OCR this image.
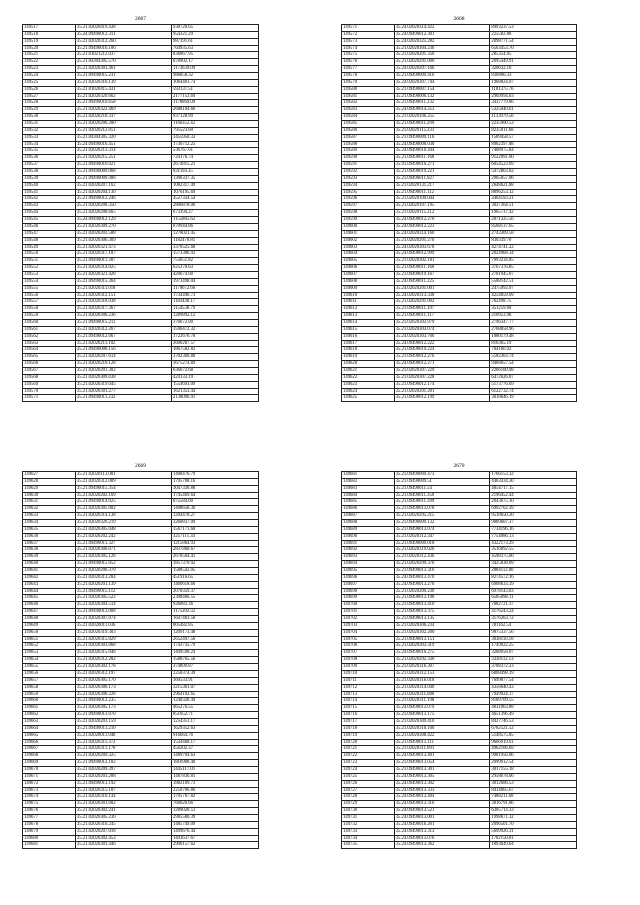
2667
149517	35.21.02020419.438	938720.65
149518	35.24.09490012.311	954321.29
149519	35.21.02020312.260	987391.61
149520	35.21.09490016.106	764935.63
149521	35.21.01021212.037	836867.95
149522	35.21.04304305.570	878902.17
149523	35.21.02020303.461	1173639.09
149524	35.21.09490015.231	986858.32
149525	35.21.02020316.139	1064401.74
149526	35.21.01020415.431	593137.51
149527	35.21.02020320.662	2177153.69
149528	35.21.09490010.658	1178869.09
149529	35.21.02020322.469	2688104.66
149530	35.21.02020210.337	937128.99
149531	35.21.02020206.280	1166352.42
149532	35.21.02020212.051	795523.60
149533	35.21.04304305.320	1455950.33
149534	35.24.09490016.451	1736712.25
149535	35.21.02020213.314	536767.61
149536	35.21.02020215.251	724176.74
149537	35.21.09490010.021	2674815.21
149538	35.21.09490009.068	831194.35
149539	35.21.09490009.488	1396337.35
149540	35.21.02020207.162	1082317.49
149541	35.21.02020204.130	1076195.69
149542	35.21.09490012.246	4527334.54
149543	35.21.02020208.350	2800878.06
149544	35.21.02020208.665	673394.27
149545	35.24.09490012.129	1155885.62
149546	35.21.02020309.270	870944.86
149547	35.21.02020203.588	1278021.45
149548	35.21.02020306.309	1182470.81
149549	35.21.02020321.473	3376525.68
149550	35.21.02020317.187	1573386.92
149551	35.21.09490011.387	753651.82
149552	35.21.02020314.025	625278.63
149553	35.21.02020321.428	420674.00
149554	35.21.09490015.364	1973498.04
149555	35.21.02020311.018	1179672.66
149556	35.21.02020312.151	1734496.73
149557	35.21.02020318.038	1183448.17
149558	35.21.02020317.367	1154538.79
149559	35.21.02020306.236	1289892.12
149560	35.21.09490015.211	376672.00
149561	35.21.02020312.267	1596472.32
149562	35.21.09490012.067	1722676.78
149563	35.21.02020211.102	2600287.57
149564	35.21.09490008.156	1867582.82
149565	35.21.02020207.614	3702366.88
149566	35.21.02020210.128	3675274.89
149567	35.21.02020201.302	636672.68
149568	35.21.02020309.038	424133.19
149569	35.21.02020319.045	1554693.09
149570	35.21.02020301.277	1621353.44
149571	35.21.09490011.232	2138096.91
2668
149571	35.24.02020314.422	8993237.53
149572	35.24.09490012.301	225582.88
149573	35.24.02020325.282	2098771.54
149574	35.21.02020304.236	6563453.70
149575	35.21.02020201.350	285354.05
149576	35.21.02020201.000	2095449.91
149577	35.24.02020207.166	320632.10
149578	35.21.09490009.416	836806.33
149579	35.24.02020307.744	1968824.07
149580	35.21.09490007.154	1181375.76
149581	35.21.09490006.132	2969994.03
149582	35.21.09490011.232	3437779.86
149583	35.24.09490014.253	5325040.61
149584	35.21.02020106.255	1133979.50
149585	35.21.09490011.299	2235900.53
149586	35.21.02020115.231	8235011.68
149587	35.21.09490009.116	1589458.57
149588	35.24.09490008.030	8962397.88
149589	35.24.09490010.444	7408975.84
149590	35.21.09490011.168	9122091.00
149591	35.91.09490016.271	6054523.09
149592	35.21.09490019.221	5472863.82
149593	35.21.09490011.027	2965057.06
149594	35.21.02020131.217	2648621.88
149595	35.21.09490011.112	8896253.12
149596	35.21.02020109.044	3464593.21
149597	35.21.02020107.195	3037364.51
149598	35.21.02020115.212	1965737.42
149599	35.24.09490012.270	2071325.56
149600	35.24.09490012.223	8568137.65
149601	35.24.02020314.160	2743309.58
149602	35.21.02020201.276	830339.70
149603	35.24.02020303.678	4274741.22
149604	35.24.09490012.999	2024968.34
149605	35.21.02020302.181	7993234.85
149606	35.21.09490011.160	3767376.85
149607	35.21.09490019.167	2701945.07
149608	35.24.09490011.225	5588142.51
149609	35.24.02020201.001	2475992.07
149610	35.24.02020313.338	4254859.09
149611	35.21.02020201.002	762498.75
149612	35.21.09490011.107	351259.68
149613	35.21.09490011.117	210953.98
149614	35.21.02020303.979	2796347.77
149615	35.21.02020303.074	2768858.96
149616	35.24.02020303.766	1880179.48
149617	35.24.09490012.222	816365.19
149618	35.21.09490019.224	704166.92
149619	35.21.09490012.276	5182303.74
149620	35.24.09490012.271	9468657.54
149621	35.21.02020307.229	2266100.98
149622	35.21.02020307.228	6472626.87
149623	35.21.09490012.174	5173776.69
149624	35.21.02020201.201	6122732.74
149625	35.21.09490012.199	3018646.19
2669
149627	35.21.02020113.081	1408476.79
149628	35.21.02020312.089	1795708.16
149629	35.21.09490015.354	3047336.88
149630	35.21.02020202.169	1745469.64
149631	35.21.09490014.025	875584.60
149632	35.21.02020305.082	1408658.36
149633	35.21.02020314.138	1204478.27
149634	35.21.02020320.219	3260837.09
149635	35.21.02020305.048	1567171.68
149636	35.21.02020202.242	3257111.34
149637	35.21.09490011.327	1215864.93
149638	35.21.02020306.071	2837868.67
149639	35.21.02020305.128	2676564.41
149640	35.21.09490015.052	1857379.92
149641	35.21.02020206.370	1588542.05
149642	35.21.02020313.204	451916.65
149643	35.21.02020201.139	1460618.60
149644	35.21.09490015.112	2070359.37
149645	35.21.02020305.522	2398466.55
149646	35.21.02020304.514	926083.36
149647	35.21.09490013.008	1175202.32
149648	35.21.02020307.074	1647483.50
149649	35.21.02020011.036	805482.85
149650	35.21.02020319.303	1209173.48
149651	35.21.02020315.029	2652497.56
149652	35.21.02020303.068	1743735.79
149653	35.21.02020315.048	1499598.24
149654	35.21.02020312.282	1588765.56
149655	35.21.02020302.178	374899.87
149656	35.21.02020312.197	2258374.39
149657	35.21.02020305.170	360533.91
149658	35.21.02020306.173	3215361.07
149659	35.21.02020306.228	2964192.65
149660	35.21.09490012.235	1248328.49
149661	35.21.02020305.173	465276.55
149662	35.21.09490013.070	851052.71
149663	35.21.02020203.159	1254351.17
149664	35.21.09490013.210	1629352.63
149665	35.21.02020011.048	916664.76
149666	35.21.02020311.372	1534468.17
149667	35.21.02020311.178	456202.37
149668	35.21.02020209.325	1489704.63
149669	35.21.09490012.182	1816908.40
149670	35.21.02020209.397	1445117.01
149671	35.21.02020203.208	1487836.81
149672	35.21.09490013.192	1882109.73
149673	35.21.02020315.187	2250706.86
149674	35.21.02020316.144	1795767.82
149675	35.21.02020301.082	760026.66
149676	35.21.02020302.241	1289028.51
149677	35.21.02020305.230	2985580.39
149678	35.21.02020310.245	1485749.09
149679	35.21.02020207.018	1499676.44
149680	35.21.02020302.453	1493637.67
149681	35.21.02020301.446	3996157.62
2670
149681	35.21.09490009.473	1766153.32
149682	35.21.09490009.51	4463434.30
149683	35.21.09490011.54	4854717.15
149684	35.21.09490011.350	2196452.44
149685	35.21.09490011.399	2043675.10
149686	35.21.09490013.078	6992762.39
149687	35.21.02020205.215	9518650.20
149688	35.21.09490009.132	9889607.37
149689	35.21.09490013.074	7734196.16
149690	35.21.02020312.347	7754086.13
149691	35.21.09490009.018	4322173.29
149692	35.21.02020319.026	3516092.55
149693	35.21.02020312.436	4598375.00
149694	35.21.02020209.376	3425838.09
149695	35.21.09490013.316	2884112.00
149696	35.24.09490013.470	8274572.16
149697	35.24.09490013.276	6908633.39
149698	35.21.02020209.230	6978143.83
149699	35.21.09490013.198	6585098.11
149700	35.21.09490013.410	7082721.37
149701	35.21.09490013.375	4176243.24
149702	35.21.09490013.135	3176263.72
149703	35.21.02020306.234	781162.54
149704	35.21.02020302.200	9875337.56
149705	35.21.09490013.151	3038110.10
149706	35.21.02020303.319	1749922.25
149707	35.24.09490016.275	3208958.07
149708	35.21.02020202.330	3338112.13
149709	35.21.02020316.397	3708372.23
149710	35.21.02020312.153	6008498.19
149711	35.21.02020316.018	7699877.54
149712	35.21.02020314.040	4356640.43
149713	35.21.02020311.080	7949924.17
149714	35.21.02020311.198	8189709.55
149715	35.24.09490013.079	4831063.88
149716	35.21.09490013.175	4651396.49
149717	35.21.02020309.410	8427746.53
149718	35.21.02020310.106	6782521.52
149719	35.21.02020308.422	5148575.85
149720	35.21.09490013.111	9666919.61
149721	35.21.02020311.091	4962106.69
149722	35.24.09490013.401	9981956.06
149723	35.21.09490013.054	2999912.54
149724	35.21.09490013.301	3017155.18
149725	35.24.09490013.305	2958678.06
149726	35.24.09490013.302	3012686.53
149727	35.24.09490013.333	8414065.67
149728	35.24.09490013.404	7488211.68
149729	35.24.09490013.316	3816791.86
149730	35.24.09490013.521	6305714.33
149731	35.24.09490013.001	1998671.32
149732	35.24.09490016.261	2096501.70
149733	35.24.09490013.313	5699926.31
149734	35.24.09490013.076	1782150.81
149735	35.24.09490013.362	1893649.64
